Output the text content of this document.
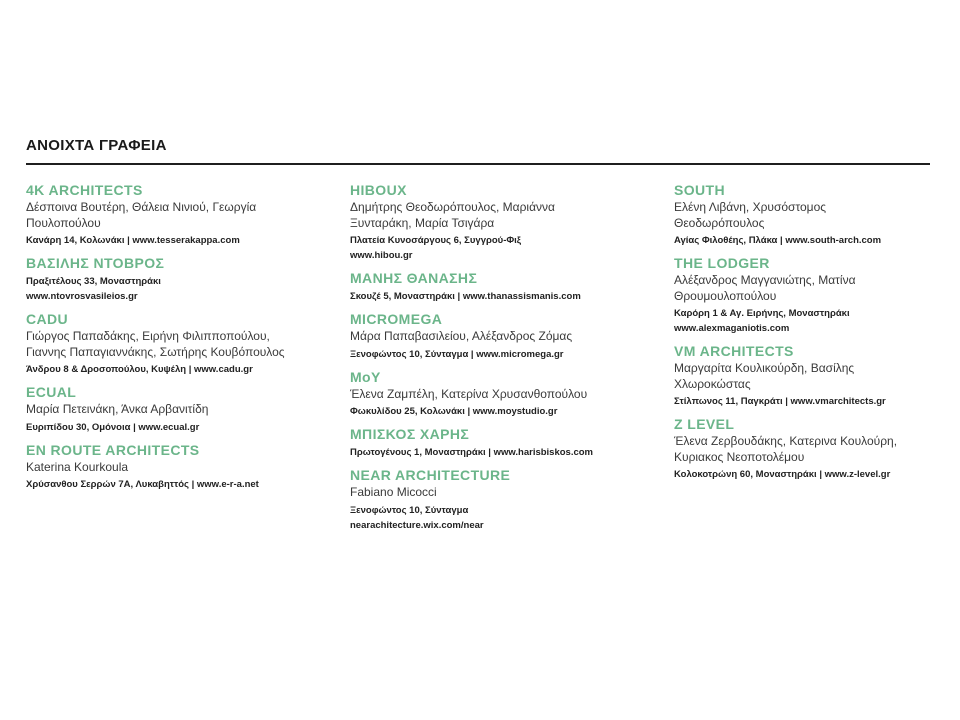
ΑΝΟΙΧΤΑ ΓΡΑΦΕΙΑ
4K ARCHITECTS
Δέσποινα Βουτέρη, Θάλεια Νινιού, Γεωργία
Πουλοπούλου
Κανάρη 14, Κολωνάκι | www.tesserakappa.com
ΒΑΣΙΛΗΣ ΝΤΟΒΡΟΣ
Πραξιτέλους 33, Μοναστηράκι
www.ntovrosvasileios.gr
CADU
Γιώργος Παπαδάκης, Ειρήνη Φιλιπποπούλου,
Γιαννης Παπαγιαννάκης, Σωτήρης Κουβόπουλος
Άνδρου 8 & Δροσοπούλου, Κυψέλη | www.cadu.gr
ECUAL
Μαρία Πετεινάκη, Άνκα Αρβανιτίδη
Ευριπίδου 30, Ομόνοια | www.ecual.gr
EN ROUTE ARCHITECTS
Katerina Kourkoula
Χρύσανθου Σερρών 7Α, Λυκαβηττός | www.e-r-a.net
HIBOUX
Δημήτρης Θεοδωρόπουλος, Μαριάννα
Ξυνταράκη, Μαρία Τσιγάρα
Πλατεία Κυνοσάργους 6, Συγγρού-Φιξ
www.hibou.gr
ΜΑΝΗΣ ΘΑΝΑΣΗΣ
Σκουζέ 5, Μοναστηράκι | www.thanassismanis.com
MICROMEGA
Μάρα Παπαβασιλείου, Αλέξανδρος Ζόμας
Ξενοφώντος 10, Σύνταγμα | www.micromega.gr
MoY
Έλενα Ζαμπέλη, Κατερίνα Χρυσανθοπούλου
Φωκυλίδου 25, Κολωνάκι | www.moystudio.gr
ΜΠΙΣΚΟΣ ΧΑΡΗΣ
Πρωτογένους 1, Μοναστηράκι | www.harisbiskos.com
NEAR ARCHITECTURE
Fabiano Micocci
Ξενοφώντος 10, Σύνταγμα
nearachitecture.wix.com/near
SOUTH
Ελένη Λιβάνη, Χρυσόστομος
Θεοδωρόπουλος
Αγίας Φιλοθέης, Πλάκα | www.south-arch.com
THE LODGER
Αλέξανδρος Μαγγανιώτης, Ματίνα
Θρουμουλοπούλου
Καρόρη 1 & Αγ. Ειρήνης, Μοναστηράκι
www.alexmaganiotis.com
VM ARCHITECTS
Μαργαρίτα Κουλικούρδη, Βασίλης
Χλωροκώστας
Στίλπωνος 11, Παγκράτι | www.vmarchitects.gr
Z LEVEL
Έλενα Ζερβουδάκης, Κατερινα Κουλούρη,
Κυριακος Νεοποτολέμου
Κολοκοτρώνη 60, Μοναστηράκι | www.z-level.gr
